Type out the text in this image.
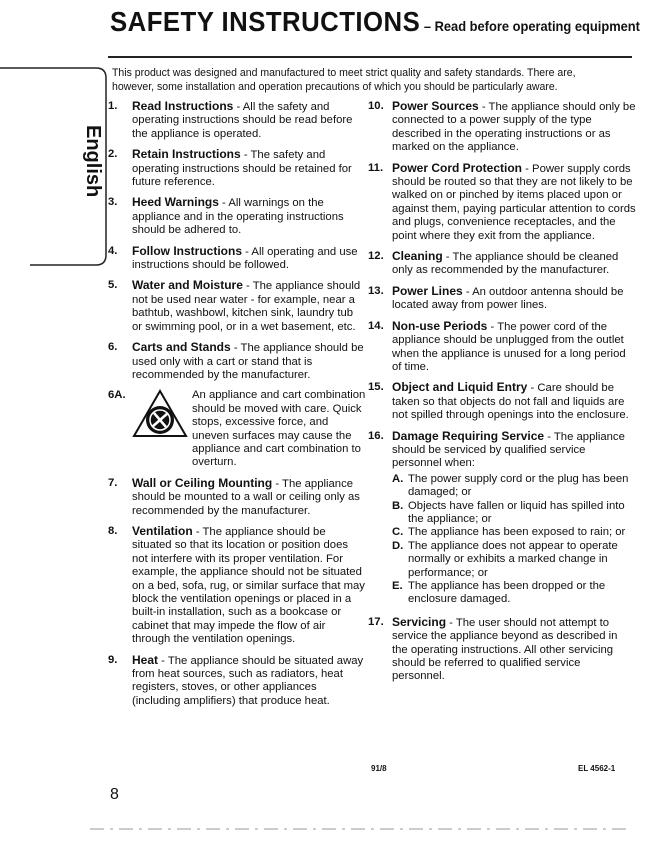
SAFETY INSTRUCTIONS – Read before operating equipment
English
This product was designed and manufactured to meet strict quality and safety standards. There are, however, some installation and operation precautions of which you should be particularly aware.
1. Read Instructions - All the safety and operating instructions should be read before the appliance is operated.
2. Retain Instructions - The safety and operating instructions should be retained for future reference.
3. Heed Warnings - All warnings on the appliance and in the operating instructions should be adhered to.
4. Follow Instructions - All operating and use instructions should be followed.
5. Water and Moisture - The appliance should not be used near water - for example, near a bathtub, washbowl, kitchen sink, laundry tub or swimming pool, or in a wet basement, etc.
6. Carts and Stands - The appliance should be used only with a cart or stand that is recommended by the manufacturer.
6A.	An appliance and cart combination should be moved with care. Quick stops, excessive force, and uneven surfaces may cause the appliance and cart combination to overturn.
7. Wall or Ceiling Mounting - The appliance should be mounted to a wall or ceiling only as recommended by the manufacturer.
8. Ventilation - The appliance should be situated so that its location or position does not interfere with its proper ventilation. For example, the appliance should not be situated on a bed, sofa, rug, or similar surface that may block the ventilation openings or placed in a built-in installation, such as a bookcase or cabinet that may impede the flow of air through the ventilation openings.
9. Heat - The appliance should be situated away from heat sources, such as radiators, heat registers, stoves, or other appliances (including amplifiers) that produce heat.
10. Power Sources - The appliance should only be connected to a power supply of the type described in the operating instructions or as marked on the appliance.
11. Power Cord Protection - Power supply cords should be routed so that they are not likely to be walked on or pinched by items placed upon or against them, paying particular attention to cords and plugs, convenience receptacles, and the point where they exit from the appliance.
12. Cleaning - The appliance should be cleaned only as recommended by the manufacturer.
13. Power Lines - An outdoor antenna should be located away from power lines.
14. Non-use Periods - The power cord of the appliance should be unplugged from the outlet when the appliance is unused for a long period of time.
15. Object and Liquid Entry - Care should be taken so that objects do not fall and liquids are not spilled through openings into the enclosure.
16. Damage Requiring Service - The appliance should be serviced by qualified service personnel when:
A. The power supply cord or the plug has been damaged; or
B. Objects have fallen or liquid has spilled into the appliance; or
C. The appliance has been exposed to rain; or
D. The appliance does not appear to operate normally or exhibits a marked change in performance; or
E. The appliance has been dropped or the enclosure damaged.
17. Servicing - The user should not attempt to service the appliance beyond as described in the operating instructions. All other servicing should be referred to qualified service personnel.
91/8	EL 4562-1
8
